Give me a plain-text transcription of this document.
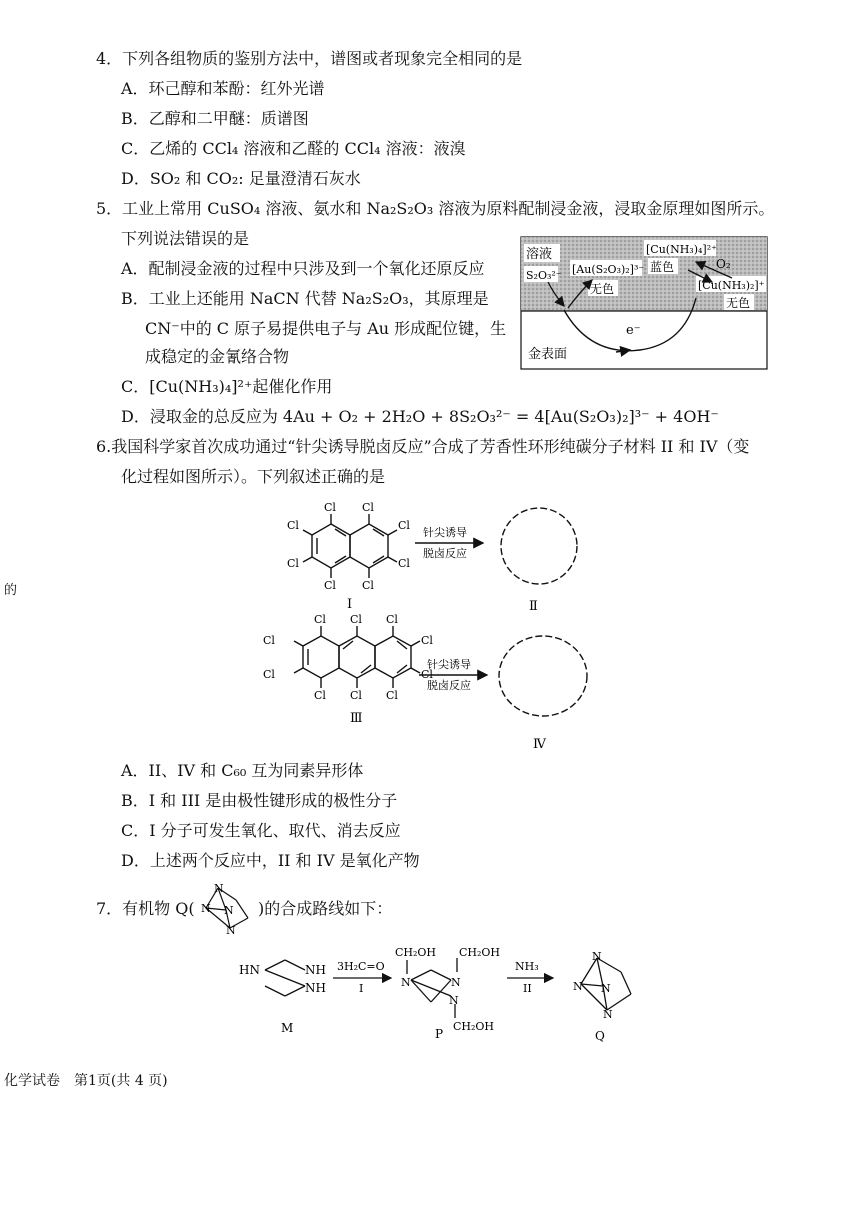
4．下列各组物质的鉴别方法中，谱图或者现象完全相同的是
A．环己醇和苯酚：红外光谱
B．乙醇和二甲醚：质谱图
C．乙烯的 CCl₄ 溶液和乙醛的 CCl₄ 溶液：液溴
D．SO₂ 和 CO₂: 足量澄清石灰水
5．工业上常用 CuSO₄ 溶液、氨水和 Na₂S₂O₃ 溶液为原料配制浸金液，浸取金原理如图所示。
下列说法错误的是
A．配制浸金液的过程中只涉及到一个氧化还原反应
B．工业上还能用 NaCN 代替 Na₂S₂O₃，其原理是
CN⁻中的 C 原子易提供电子与 Au 形成配位键，生
成稳定的金氰络合物
C．[Cu(NH₃)₄]²⁺起催化作用
D．浸取金的总反应为 4Au + O₂ + 2H₂O + 8S₂O₃²⁻ = 4[Au(S₂O₃)₂]³⁻ + 4OH⁻
溶液
S₂O₃²⁻ [Au(S₂O₃)₂]³⁻
无色
[Cu(NH₃)₄]²⁺
蓝色	O₂
[Cu(NH₃)₂]⁺
无色
e⁻
金表面
6.我国科学家首次成功通过“针尖诱导脱卤反应”合成了芳香性环形纯碳分子材料 II 和 IV（变
化过程如图所示）。下列叙述正确的是
Cl Cl
Cl	Cl
Cl	Cl
Cl Cl
I
针尖诱导
脱卤反应
Ⅱ
Cl Cl Cl
Cl	Cl
Cl	Cl
Cl Cl Cl
Ⅲ
针尖诱导
脱卤反应
Ⅳ
A．II、IV 和 C₆₀ 互为同素异形体
B．I 和 III 是由极性键形成的极性分子
C．I 分子可发生氧化、取代、消去反应
D．上述两个反应中，II 和 IV 是氧化产物
的
7．有机物 Q(
N
N N
N
)的合成路线如下：
HN	NH
NH
M
3H₂C=O
I	N	N
N
CH₂OH CH₂OH
CH₂OH
P
NH₃
II
N
N N
N
Q
化学试卷　第1页(共 4 页)
